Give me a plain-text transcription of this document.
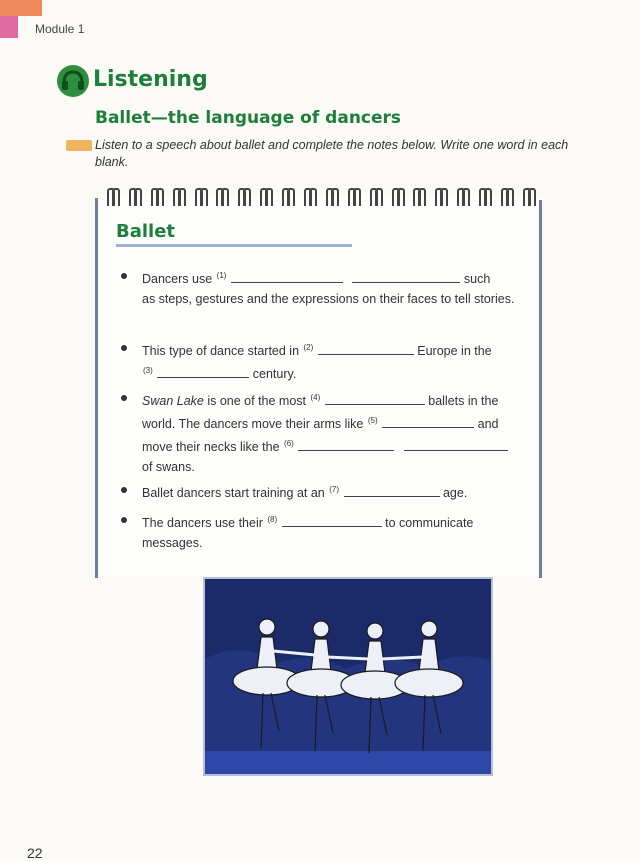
Module 1
Listening
Ballet—the language of dancers
Listen to a speech about ballet and complete the notes below. Write one word in each blank.
Ballet
Dancers use $^{(1)}$	such
as steps, gestures and the expressions on their faces to tell stories.
This type of dance started in $^{(2)}$	Europe in the
$^{(3)}$	century.
Swan Lake is one of the most $^{(4)}$	ballets in the
world. The dancers move their arms like $^{(5)}$	and
move their necks like the $^{(6)}$
of swans.
Ballet dancers start training at an $^{(7)}$	age.
The dancers use their $^{(8)}$	to communicate
messages.
22
